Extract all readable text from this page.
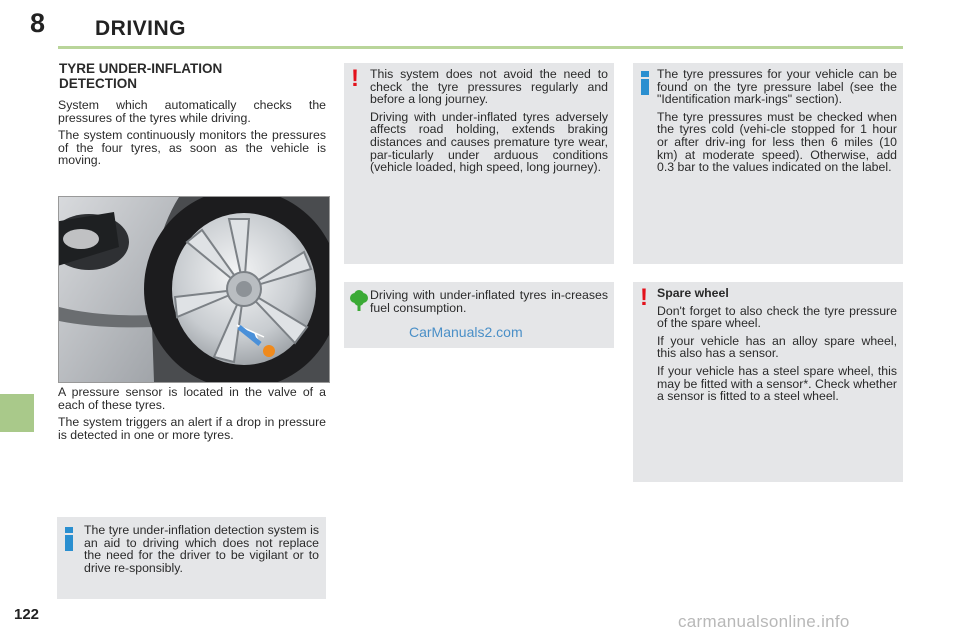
8 DRIVING
TYRE UNDER-INFLATION DETECTION

System which automatically checks the pressures of the tyres while driving.

The system continuously monitors the pressures of the four tyres, as soon as the vehicle is moving.

A pressure sensor is located in the valve of a each of these tyres.

The system triggers an alert if a drop in pressure is detected in one or more tyres.

The tyre under-inflation detection system is an aid to driving which does not replace the need for the driver to be vigilant or to drive re-sponsibly.

! This system does not avoid the need to check the tyre pressures regularly and before a long journey.

Driving with under-inflated tyres adversely affects road holding, extends braking distances and causes premature tyre wear, par-ticularly under arduous conditions (vehicle loaded, high speed, long journey).

Driving with under-inflated tyres in-creases fuel consumption.

CarManuals2.com

The tyre pressures for your vehicle can be found on the tyre pressure label (see the "Identification mark-ings" section).

The tyre pressures must be checked when the tyres cold (vehi-cle stopped for 1 hour or after driv-ing for less then 6 miles (10 km) at moderate speed). Otherwise, add 0.3 bar to the values indicated on the label.

! Spare wheel

Don't forget to also check the tyre pressure of the spare wheel.

If your vehicle has an alloy spare wheel, this also has a sensor.

If your vehicle has a steel spare wheel, this may be fitted with a sensor*. Check whether a sensor is fitted to a steel wheel.

122	carmanualsonline.info
